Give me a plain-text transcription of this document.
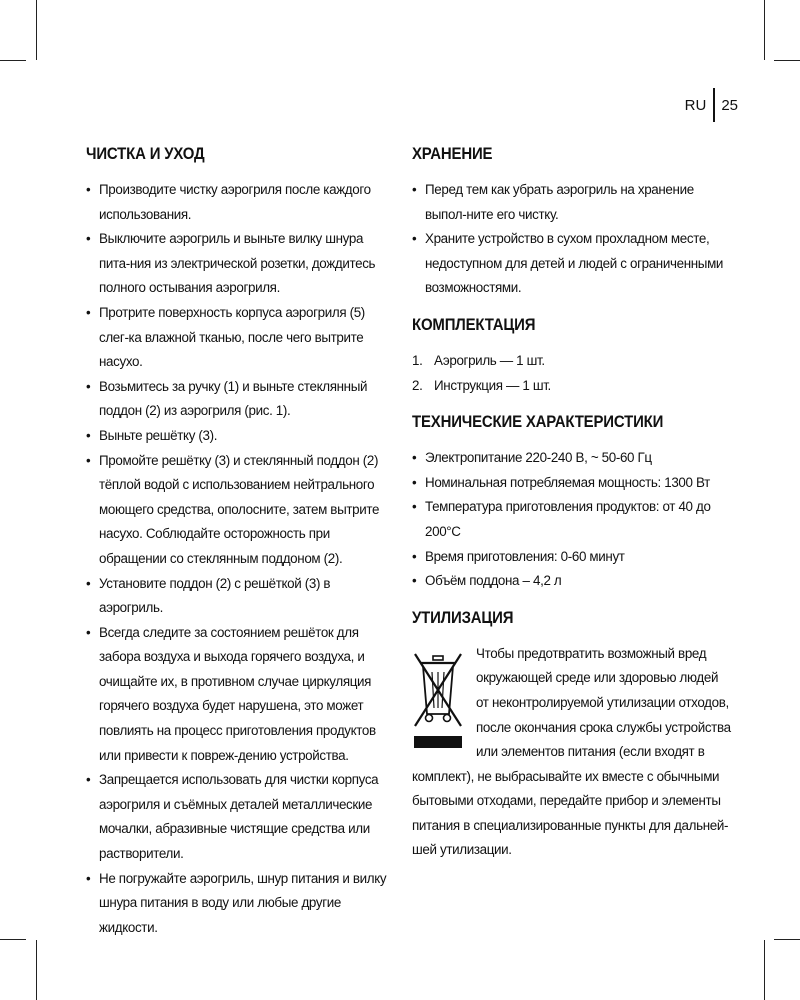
RU 25
ЧИСТКА И УХОД
• Производите чистку аэрогриля после каждого использования.
• Выключите аэрогриль и выньте вилку шнура пита-ния из электрической розетки, дождитесь полного остывания аэрогриля.
• Протрите поверхность корпуса аэрогриля (5) слег-ка влажной тканью, после чего вытрите насухо.
• Возьмитесь за ручку (1) и выньте стеклянный поддон (2) из аэрогриля (рис. 1).
• Выньте решётку (3).
• Промойте решётку (3) и стеклянный поддон (2) тёплой водой с использованием нейтрального моющего средства, ополосните, затем вытрите насухо. Соблюдайте осторожность при обращении со стеклянным поддоном (2).
• Установите поддон (2) с решёткой (3) в аэрогриль.
• Всегда следите за состоянием решёток для забора воздуха и выхода горячего воздуха, и очищайте их, в противном случае циркуляция горячего воздуха будет нарушена, это может повлиять на процесс приготовления продуктов или привести к повреж-дению устройства.
• Запрещается использовать для чистки корпуса аэрогриля и съёмных деталей металлические мочалки, абразивные чистящие средства или растворители.
• Не погружайте аэрогриль, шнур питания и вилку шнура питания в воду или любые другие жидкости.
ХРАНЕНИЕ
• Перед тем как убрать аэрогриль на хранение выпол-ните его чистку.
• Храните устройство в сухом прохладном месте, недоступном для детей и людей с ограниченными возможностями.
КОМПЛЕКТАЦИЯ
1. Аэрогриль — 1 шт.
2. Инструкция — 1 шт.
ТЕХНИЧЕСКИЕ ХАРАКТЕРИСТИКИ
• Электропитание 220-240 В, ~ 50-60 Гц
• Номинальная потребляемая мощность: 1300 Вт
• Температура приготовления продуктов: от 40 до 200°С
• Время приготовления: 0-60 минут
• Объём поддона – 4,2 л
УТИЛИЗАЦИЯ
Чтобы предотвратить возможный вред окружающей среде или здоровью людей от неконтролируемой утилизации отходов, после окончания срока службы устройства или элементов питания (если входят в комплект), не выбрасывайте их вместе с обычными бытовыми отходами, передайте прибор и элементы питания в специализированные пункты для дальней-шей утилизации.
